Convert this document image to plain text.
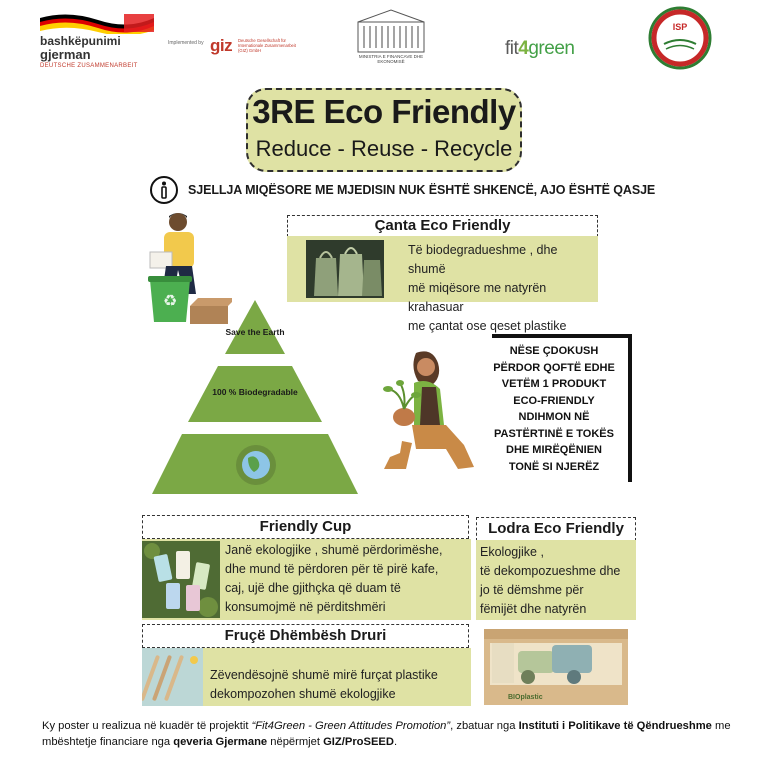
bashkëpunimi
gjerman
DEUTSCHE ZUSAMMENARBEIT
Implemented by giz Deutsche Gesellschaft für Internationale Zusammenarbeit (GIZ) GmbH
MINISTRIA E FINANCAVE DHE EKONOMISË
fit4green
ISP
3RE Eco Friendly
Reduce - Reuse - Recycle
SJELLJA MIQËSORE ME MJEDISIN NUK ËSHTË SHKENCË, AJO ËSHTË QASJE
♻
Çanta Eco Friendly
Të biodegradueshme , dhe shumë
më miqësore me natyrën krahasuar
me çantat ose qeset plastike
Save the Earth
100 % Biodegradable
NËSE ÇDOKUSH
PËRDOR QOFTË EDHE
VETËM 1 PRODUKT
ECO-FRIENDLY
NDIHMON NË
PASTËRTINË E TOKËS
DHE MIRËQËNIEN
TONË SI NJERËZ
Friendly Cup
Janë ekologjike , shumë përdorimëshe,
dhe mund të përdoren për të pirë kafe,
caj, ujë dhe gjithçka që duam të
konsumojmë në përditshmëri
Lodra Eco Friendly
Ekologjike ,
të dekompozueshme dhe
jo të dëmshme për
fëmijët dhe natyrën
BIOplastic
Fruçë Dhëmbësh Druri
Zëvendësojnë shumë mirë furçat plastike
dekompozohen shumë ekologjike
Ky poster u realizua në kuadër të projektit “Fit4Green - Green Attitudes Promotion”, zbatuar nga Instituti i Politikave të Qëndrueshme me mbështetje financiare nga qeveria Gjermane nëpërmjet GIZ/ProSEED.
